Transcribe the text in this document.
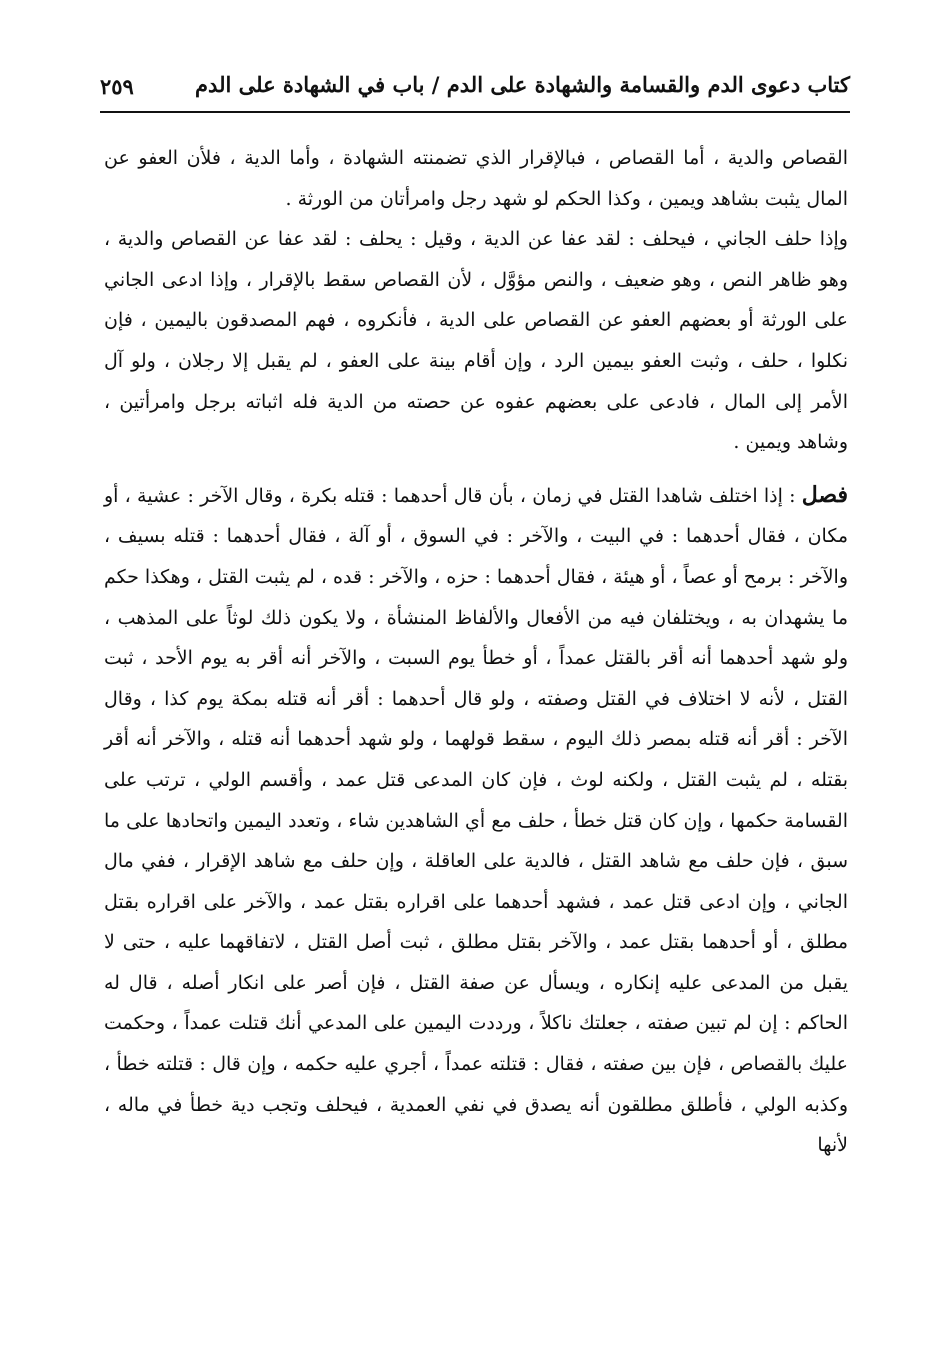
كتاب دعوى الدم والقسامة والشهادة على الدم / باب في الشهادة على الدم
٢٥٩

القصاص والدية ، أما القصاص ، فبالإقرار الذي تضمنته الشهادة ، وأما الدية ، فلأن العفو عن المال يثبت بشاهد ويمين ، وكذا الحكم لو شهد رجل وامرأتان من الورثة .

وإذا حلف الجاني ، فيحلف : لقد عفا عن الدية ، وقيل : يحلف : لقد عفا عن القصاص والدية ، وهو ظاهر النص ، وهو ضعيف ، والنص مؤوَّل ، لأن القصاص سقط بالإقرار ، وإذا ادعى الجاني على الورثة أو بعضهم العفو عن القصاص على الدية ، فأنكروه ، فهم المصدقون باليمين ، فإن نكلوا ، حلف ، وثبت العفو بيمين الرد ، وإن أقام بينة على العفو ، لم يقبل إلا رجلان ، ولو آل الأمر إلى المال ، فادعى على بعضهم عفوه عن حصته من الدية فله اثباته برجل وامرأتين ، وشاهد ويمين .

فصل : إذا اختلف شاهدا القتل في زمان ، بأن قال أحدهما : قتله بكرة ، وقال الآخر : عشية ، أو مكان ، فقال أحدهما : في البيت ، والآخر : في السوق ، أو آلة ، فقال أحدهما : قتله بسيف ، والآخر : برمح أو عصاً ، أو هيئة ، فقال أحدهما : حزه ، والآخر : قده ، لم يثبت القتل ، وهكذا حكم ما يشهدان به ، ويختلفان فيه من الأفعال والألفاظ المنشأة ، ولا يكون ذلك لوثاً على المذهب ، ولو شهد أحدهما أنه أقر بالقتل عمداً ، أو خطأ يوم السبت ، والآخر أنه أقر به يوم الأحد ، ثبت القتل ، لأنه لا اختلاف في القتل وصفته ، ولو قال أحدهما : أقر أنه قتله بمكة يوم كذا ، وقال الآخر : أقر أنه قتله بمصر ذلك اليوم ، سقط قولهما ، ولو شهد أحدهما أنه قتله ، والآخر أنه أقر بقتله ، لم يثبت القتل ، ولكنه لوث ، فإن كان المدعى قتل عمد ، وأقسم الولي ، ترتب على القسامة حكمها ، وإن كان قتل خطأ ، حلف مع أي الشاهدين شاء ، وتعدد اليمين واتحادها على ما سبق ، فإن حلف مع شاهد القتل ، فالدية على العاقلة ، وإن حلف مع شاهد الإقرار ، ففي مال الجاني ، وإن ادعى قتل عمد ، فشهد أحدهما على اقراره بقتل عمد ، والآخر على اقراره بقتل مطلق ، أو أحدهما بقتل عمد ، والآخر بقتل مطلق ، ثبت أصل القتل ، لاتفاقهما عليه ، حتى لا يقبل من المدعى عليه إنكاره ، ويسأل عن صفة القتل ، فإن أصر على انكار أصله ، قال له الحاكم : إن لم تبين صفته ، جعلتك ناكلاً ، ورددت اليمين على المدعي أنك قتلت عمداً ، وحكمت عليك بالقصاص ، فإن بين صفته ، فقال : قتلته عمداً ، أجري عليه حكمه ، وإن قال : قتلته خطأ ، وكذبه الولي ، فأطلق مطلقون أنه يصدق في نفي العمدية ، فيحلف وتجب دية خطأ في ماله ، لأنها
